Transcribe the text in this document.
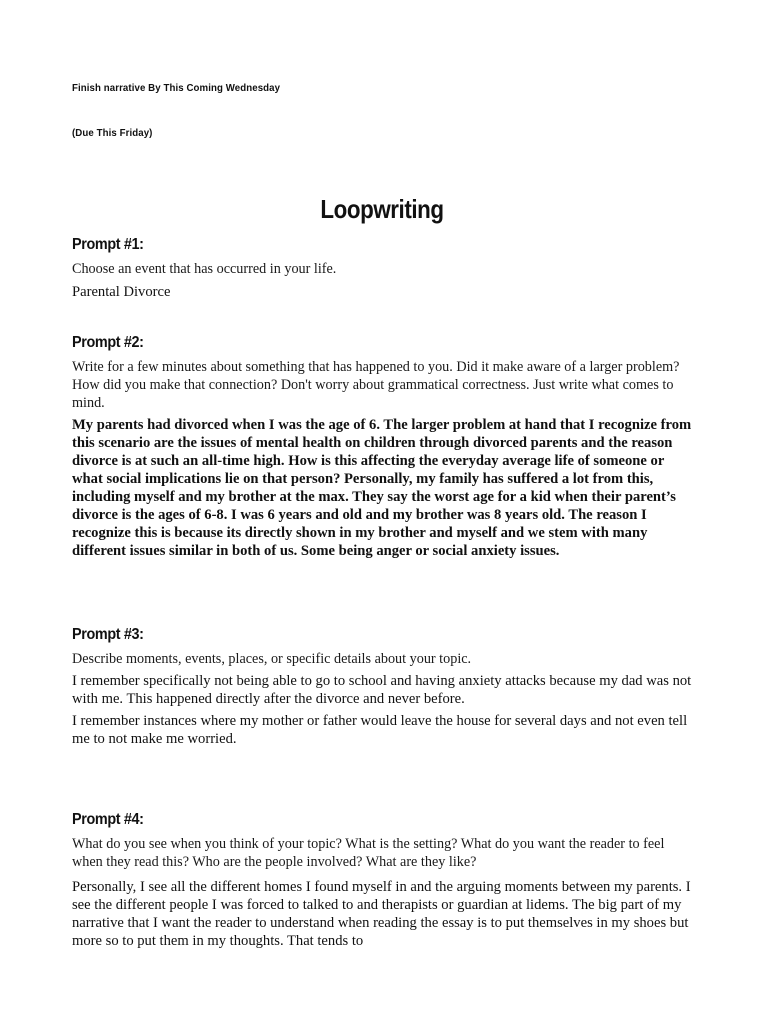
Finish narrative By This Coming Wednesday
(Due This Friday)
Loopwriting
Prompt #1:

Choose an event that has occurred in your life.

Parental Divorce

Prompt #2:

Write for a few minutes about something that has happened to you. Did it make aware of a larger problem? How did you make that connection? Don't worry about grammatical correctness. Just write what comes to mind.

My parents had divorced when I was the age of 6. The larger problem at hand that I recognize from this scenario are the issues of mental health on children through divorced parents and the reason divorce is at such an all-time high. How is this affecting the everyday average life of someone or what social implications lie on that person? Personally, my family has suffered a lot from this, including myself and my brother at the max. They say the worst age for a kid when their parent’s divorce is the ages of 6-8. I was 6 years and old and my brother was 8 years old. The reason I recognize this is because its directly shown in my brother and myself and we stem with many different issues similar in both of us. Some being anger or social anxiety issues.

Prompt #3:

Describe moments, events, places, or specific details about your topic.

I remember specifically not being able to go to school and having anxiety attacks because my dad was not with me. This happened directly after the divorce and never before.

I remember instances where my mother or father would leave the house for several days and not even tell me to not make me worried.

Prompt #4:

What do you see when you think of your topic? What is the setting? What do you want the reader to feel when they read this? Who are the people involved? What are they like?

Personally, I see all the different homes I found myself in and the arguing moments between my parents. I see the different people I was forced to talked to and therapists or guardian at lidems. The big part of my narrative that I want the reader to understand when reading the essay is to put themselves in my shoes but more so to put them in my thoughts. That tends to
